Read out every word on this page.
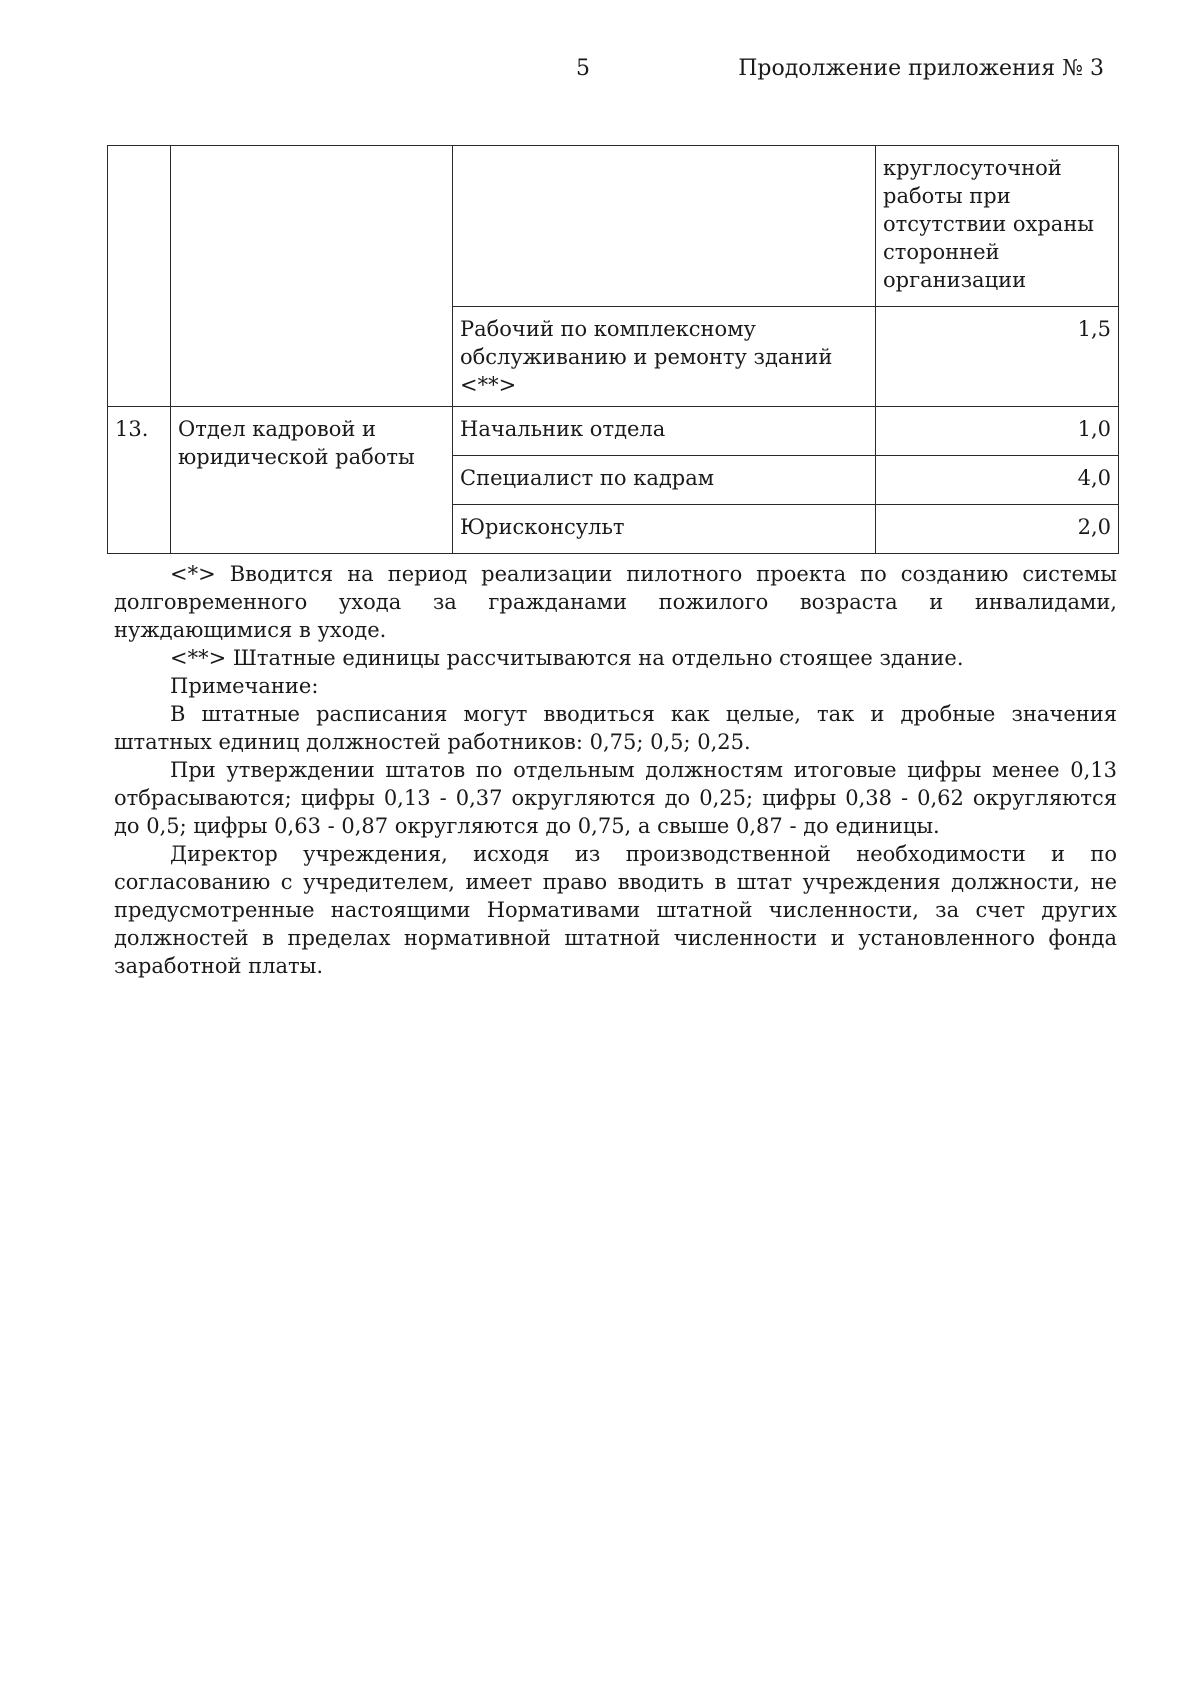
5	Продолжение приложения № 3
			круглосуточной работы при отсутствии охраны сторонней организации
		Рабочий по комплексному обслуживанию и ремонту зданий <**>	1,5
13.	Отдел кадровой и юридической работы	Начальник отдела	1,0
		Специалист по кадрам	4,0
		Юрисконсульт	2,0

<*> Вводится на период реализации пилотного проекта по созданию системы долговременного ухода за гражданами пожилого возраста и инвалидами, нуждающимися в уходе.

<**> Штатные единицы рассчитываются на отдельно стоящее здание.

Примечание:

В штатные расписания могут вводиться как целые, так и дробные значения штатных единиц должностей работников: 0,75; 0,5; 0,25.

При утверждении штатов по отдельным должностям итоговые цифры менее 0,13 отбрасываются; цифры 0,13 - 0,37 округляются до 0,25; цифры 0,38 - 0,62 округляются до 0,5; цифры 0,63 - 0,87 округляются до 0,75, а свыше 0,87 - до единицы.

Директор учреждения, исходя из производственной необходимости и по согласованию с учредителем, имеет право вводить в штат учреждения должности, не предусмотренные настоящими Нормативами штатной численности, за счет других должностей в пределах нормативной штатной численности и установленного фонда заработной платы.
